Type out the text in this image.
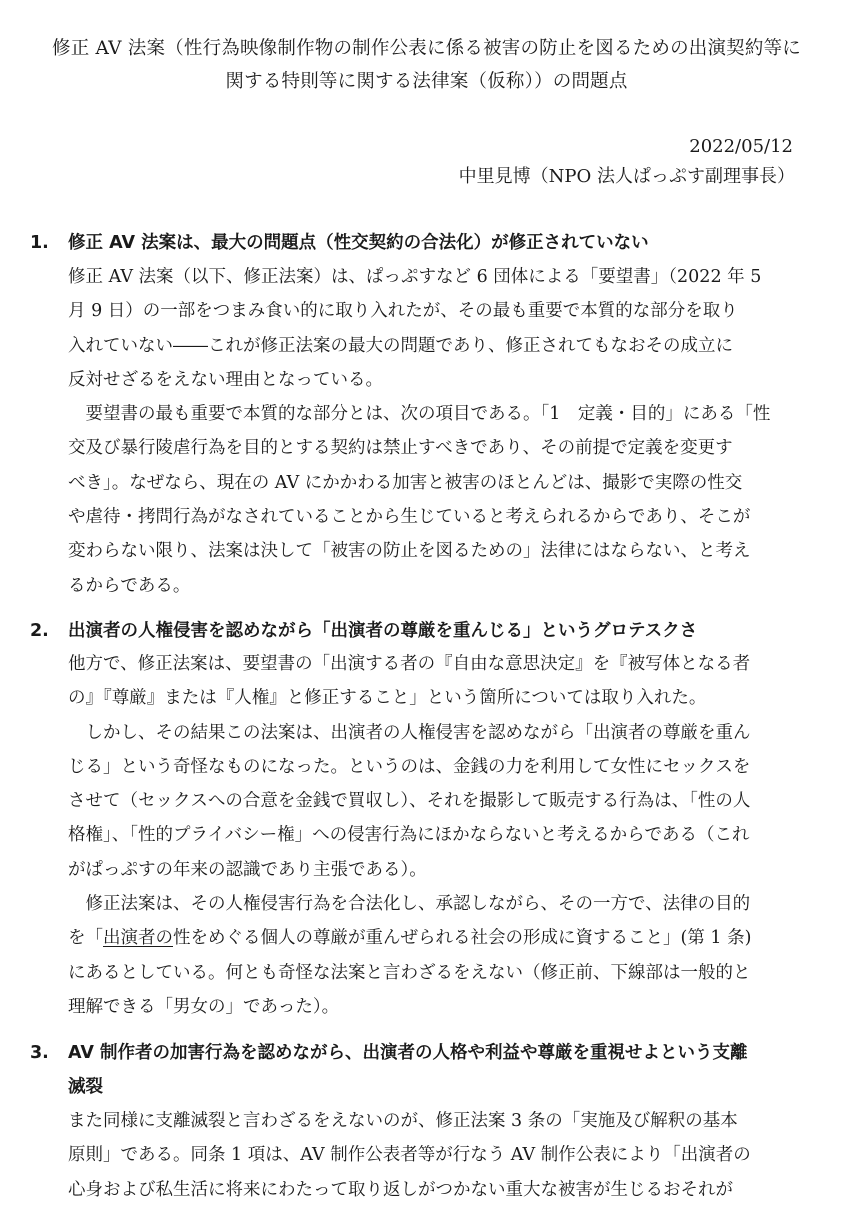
修正 AV 法案（性行為映像制作物の制作公表に係る被害の防止を図るための出演契約等に
関する特則等に関する法律案（仮称））の問題点
2022/05/12
中里見博（NPO 法人ぱっぷす副理事長）
1. 修正 AV 法案は、最大の問題点（性交契約の合法化）が修正されていない
修正 AV 法案（以下、修正法案）は、ぱっぷすなど 6 団体による「要望書」（2022 年 5
月 9 日）の一部をつまみ食い的に取り入れたが、その最も重要で本質的な部分を取り
入れていない――これが修正法案の最大の問題であり、修正されてもなおその成立に
反対せざるをえない理由となっている。
　要望書の最も重要で本質的な部分とは、次の項目である。「1　定義・目的」にある「性
交及び暴行陵虐行為を目的とする契約は禁止すべきであり、その前提で定義を変更す
べき」。なぜなら、現在の AV にかかわる加害と被害のほとんどは、撮影で実際の性交
や虐待・拷問行為がなされていることから生じていると考えられるからであり、そこが
変わらない限り、法案は決して「被害の防止を図るための」法律にはならない、と考え
るからである。
2. 出演者の人権侵害を認めながら「出演者の尊厳を重んじる」というグロテスクさ
他方で、修正法案は、要望書の「出演する者の『自由な意思決定』を『被写体となる者
の』『尊厳』または『人権』と修正すること」という箇所については取り入れた。
　しかし、その結果この法案は、出演者の人権侵害を認めながら「出演者の尊厳を重ん
じる」という奇怪なものになった。というのは、金銭の力を利用して女性にセックスを
させて（セックスへの合意を金銭で買収し）、それを撮影して販売する行為は、「性の人
格権」、「性的プライバシー権」への侵害行為にほかならないと考えるからである（これ
がぱっぷすの年来の認識であり主張である）。
　修正法案は、その人権侵害行為を合法化し、承認しながら、その一方で、法律の目的
を「出演者の性をめぐる個人の尊厳が重んぜられる社会の形成に資すること」(第 1 条)
にあるとしている。何とも奇怪な法案と言わざるをえない（修正前、下線部は一般的と
理解できる「男女の」であった）。
3. AV 制作者の加害行為を認めながら、出演者の人格や利益や尊厳を重視せよという支離
滅裂
また同様に支離滅裂と言わざるをえないのが、修正法案 3 条の「実施及び解釈の基本
原則」である。同条 1 項は、AV 制作公表者等が行なう AV 制作公表により「出演者の
心身および私生活に将来にわたって取り返しがつかない重大な被害が生じるおそれが
